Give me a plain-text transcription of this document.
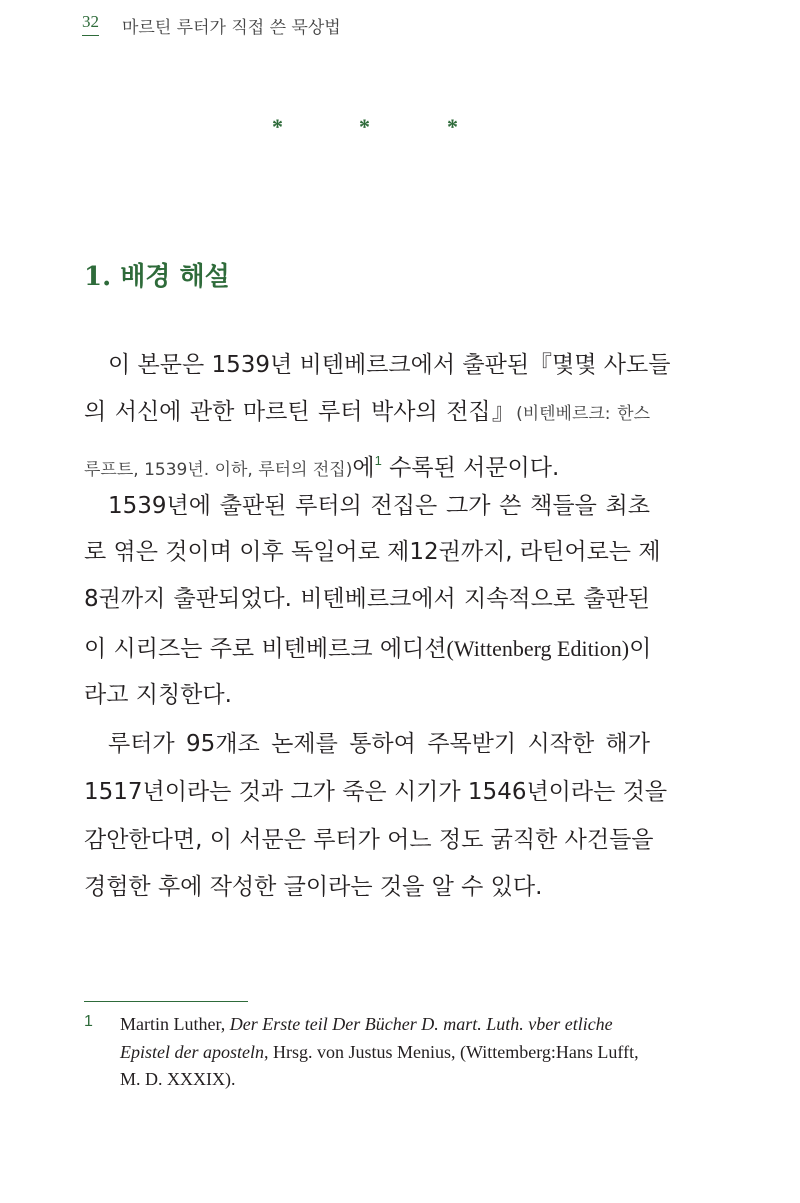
32 마르틴 루터가 직접 쓴 묵상법
*	*	*
1. 배경 해설
이 본문은 1539년 비텐베르크에서 출판된『몇몇 사도들
의 서신에 관한 마르틴 루터 박사의 전집』(비텐베르크: 한스
루프트, 1539년. 이하, 루터의 전집)에$^1$ 수록된 서문이다.
1539년에 출판된 루터의 전집은 그가 쓴 책들을 최초
로 엮은 것이며 이후 독일어로 제12권까지, 라틴어로는 제
8권까지 출판되었다. 비텐베르크에서 지속적으로 출판된
이 시리즈는 주로 비텐베르크 에디션(Wittenberg Edition)이
라고 지칭한다.
루터가 95개조 논제를 통하여 주목받기 시작한 해가
1517년이라는 것과 그가 죽은 시기가 1546년이라는 것을
감안한다면, 이 서문은 루터가 어느 정도 굵직한 사건들을
경험한 후에 작성한 글이라는 것을 알 수 있다.
1 Martin Luther, Der Erste teil Der Bücher D. mart. Luth. vber etliche
Epistel der aposteln, Hrsg. von Justus Menius, (Wittemberg:Hans Lufft,
M. D. XXXIX).
